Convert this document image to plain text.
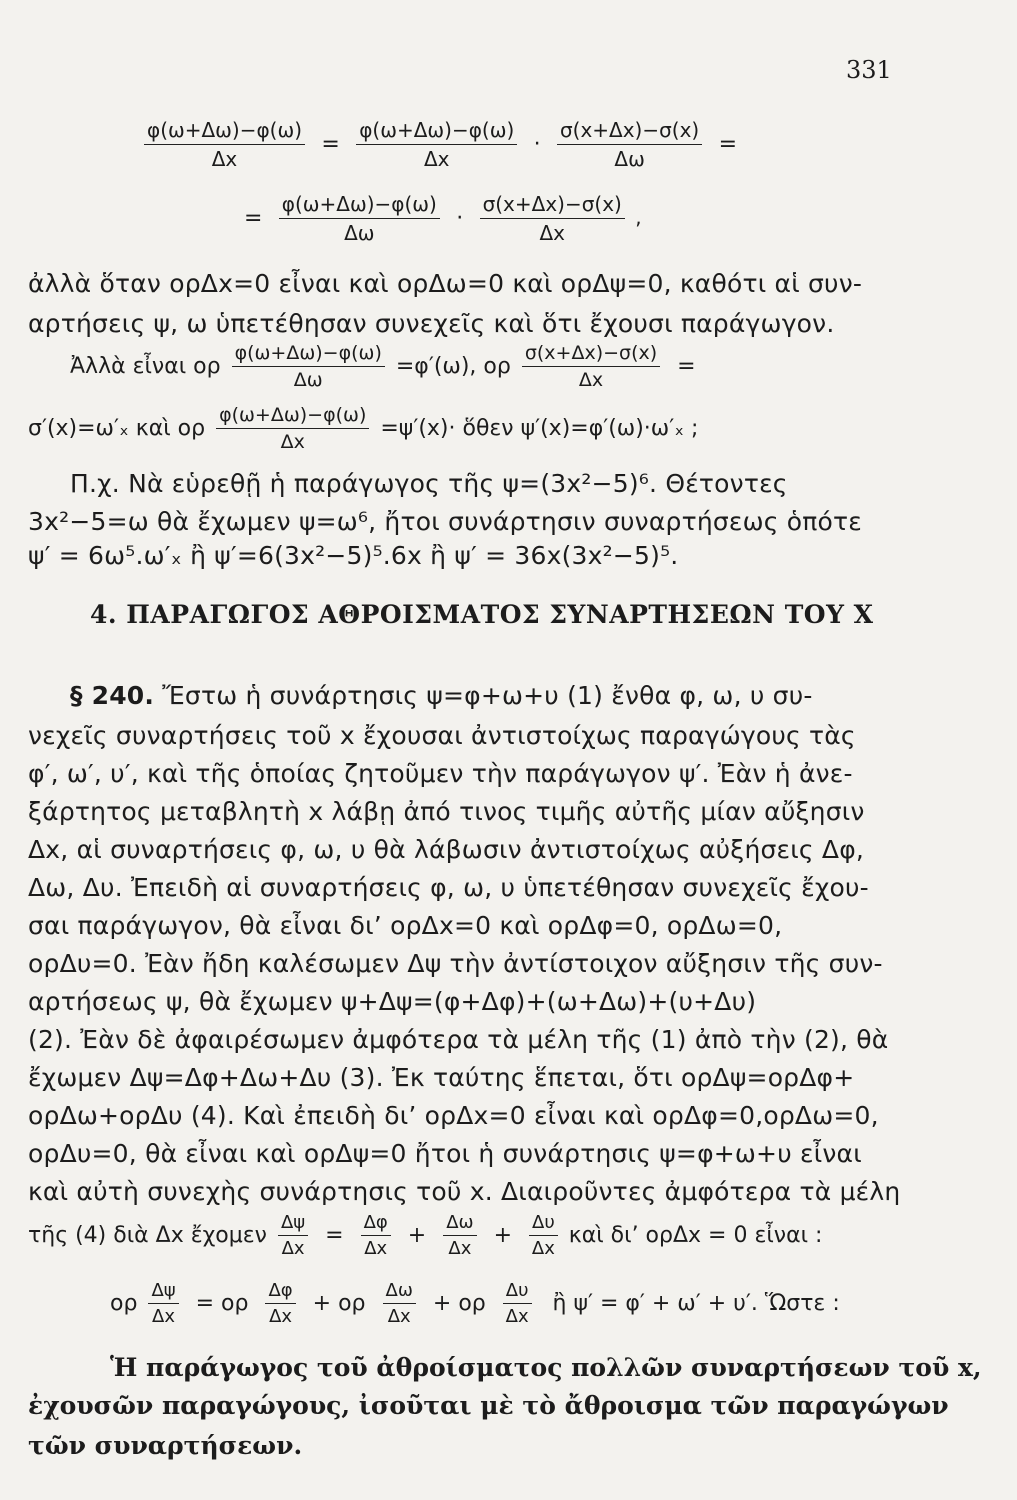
331
$\frac{\varphi(\omega+\Delta\omega)-\varphi(\omega)}{\Delta x} = \frac{\varphi(\omega+\Delta\omega)-\varphi(\omega)}{\Delta x} \cdot \frac{\sigma(x+\Delta x)-\sigma(x)}{\Delta\omega}$ =
= $\frac{\varphi(\omega+\Delta\omega)-\varphi(\omega)}{\Delta\omega} \cdot \frac{\sigma(x+\Delta x)-\sigma(x)}{\Delta x}$ ,
ἀλλὰ ὅταν ορΔx=0 εἶναι καὶ ορΔω=0 καὶ ορΔψ=0, καθότι αἱ συν-
αρτήσεις ψ, ω ὑπετέθησαν συνεχεῖς καὶ ὅτι ἔχουσι παράγωγον.
Ἀλλὰ εἶναι ορ $\frac{\varphi(\omega+\Delta\omega)-\varphi(\omega)}{\Delta\omega} =\varphi'(\omega)$, ορ $\frac{\sigma(x+\Delta x)-\sigma(x)}{\Delta x}$ =
σ′(x)=ω′ₓ καὶ ορ $\frac{\varphi(\omega+\Delta\omega)-\varphi(\omega)}{\Delta x} =\psi'(x)\cdot$ ὅθεν ψ′(x)=φ′(ω)·ω′ₓ ;
Π.χ. Νὰ εὑρεθῇ ἡ παράγωγος τῆς ψ=(3x²−5)⁶. Θέτοντες
3x²−5=ω θὰ ἔχωμεν ψ=ω⁶, ἤτοι συνάρτησιν συναρτήσεως ὁπότε
ψ′ = 6ω⁵.ω′ₓ ἢ ψ′=6(3x²−5)⁵.6x ἢ ψ′ = 36x(3x²−5)⁵.
4. ΠΑΡΑΓΩΓΟΣ ΑΘΡΟΙΣΜΑΤΟΣ ΣΥΝΑΡΤΗΣΕΩΝ ΤΟΥ Χ
§ 240. Ἔστω ἡ συνάρτησις ψ=φ+ω+υ (1) ἔνθα φ, ω, υ συ-
νεχεῖς συναρτήσεις τοῦ x ἔχουσαι ἀντιστοίχως παραγώγους τὰς
φ′, ω′, υ′, καὶ τῆς ὁποίας ζητοῦμεν τὴν παράγωγον ψ′. Ἐὰν ἡ ἀνε-
ξάρτητος μεταβλητὴ x λάβῃ ἀπό τινος τιμῆς αὐτῆς μίαν αὔξησιν
Δx, αἱ συναρτήσεις φ, ω, υ θὰ λάβωσιν ἀντιστοίχως αὐξήσεις Δφ,
Δω, Δυ. Ἐπειδὴ αἱ συναρτήσεις φ, ω, υ ὑπετέθησαν συνεχεῖς ἔχου-
σαι παράγωγον, θὰ εἶναι δι’ ορΔx=0 καὶ ορΔφ=0, ορΔω=0,
ορΔυ=0. Ἐὰν ἤδη καλέσωμεν Δψ τὴν ἀντίστοιχον αὔξησιν τῆς συν-
αρτήσεως ψ, θὰ ἔχωμεν ψ+Δψ=(φ+Δφ)+(ω+Δω)+(υ+Δυ)
(2). Ἐὰν δὲ ἀφαιρέσωμεν ἀμφότερα τὰ μέλη τῆς (1) ἀπὸ τὴν (2), θὰ
ἔχωμεν Δψ=Δφ+Δω+Δυ (3). Ἐκ ταύτης ἕπεται, ὅτι ορΔψ=ορΔφ+
ορΔω+ορΔυ (4). Καὶ ἐπειδὴ δι’ ορΔx=0 εἶναι καὶ ορΔφ=0,ορΔω=0,
ορΔυ=0, θὰ εἶναι καὶ ορΔψ=0 ἤτοι ἡ συνάρτησις ψ=φ+ω+υ εἶναι
καὶ αὐτὴ συνεχὴς συνάρτησις τοῦ x. Διαιροῦντες ἀμφότερα τὰ μέλη
τῆς (4) διὰ Δx ἔχομεν $\frac{\Delta\psi}{\Delta x} = \frac{\Delta\varphi}{\Delta x} + \frac{\Delta\omega}{\Delta x} + \frac{\Delta\upsilon}{\Delta x}$ καὶ δι’ ορΔx = 0 εἶναι :
ορ $\frac{\Delta\psi}{\Delta x} = o\rho \frac{\Delta\varphi}{\Delta x} + o\rho \frac{\Delta\omega}{\Delta x} + o\rho \frac{\Delta\upsilon}{\Delta x}$ ἢ ψ′ = φ′ + ω′ + υ′. Ὥστε :
Ἡ παράγωγος τοῦ ἀθροίσματος πολλῶν συναρτήσεων τοῦ x,
ἐχουσῶν παραγώγους, ἰσοῦται μὲ τὸ ἄθροισμα τῶν παραγώγων
τῶν συναρτήσεων.
